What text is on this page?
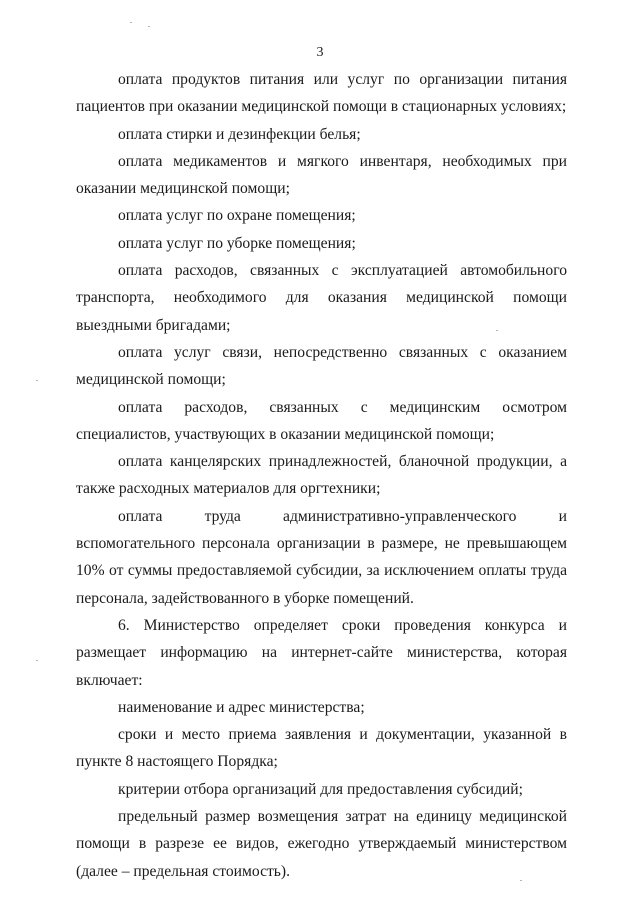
3

оплата продуктов питания или услуг по организации питания пациентов при оказании медицинской помощи в стационарных условиях;

оплата стирки и дезинфекции белья;

оплата медикаментов и мягкого инвентаря, необходимых при оказании медицинской помощи;

оплата услуг по охране помещения;

оплата услуг по уборке помещения;

оплата расходов, связанных с эксплуатацией автомобильного транспорта, необходимого для оказания медицинской помощи выездными бригадами;

оплата услуг связи, непосредственно связанных с оказанием медицинской помощи;

оплата расходов, связанных с медицинским осмотром специалистов, участвующих в оказании медицинской помощи;

оплата канцелярских принадлежностей, бланочной продукции, а также расходных материалов для оргтехники;

оплата труда административно-управленческого и вспомогательного персонала организации в размере, не превышающем 10% от суммы предоставляемой субсидии, за исключением оплаты труда персонала, задействованного в уборке помещений.

6. Министерство определяет сроки проведения конкурса и размещает информацию на интернет-сайте министерства, которая включает:

наименование и адрес министерства;

сроки и место приема заявления и документации, указанной в пункте 8 настоящего Порядка;

критерии отбора организаций для предоставления субсидий;

предельный размер возмещения затрат на единицу медицинской помощи в разрезе ее видов, ежегодно утверждаемый министерством (далее – предельная стоимость).
